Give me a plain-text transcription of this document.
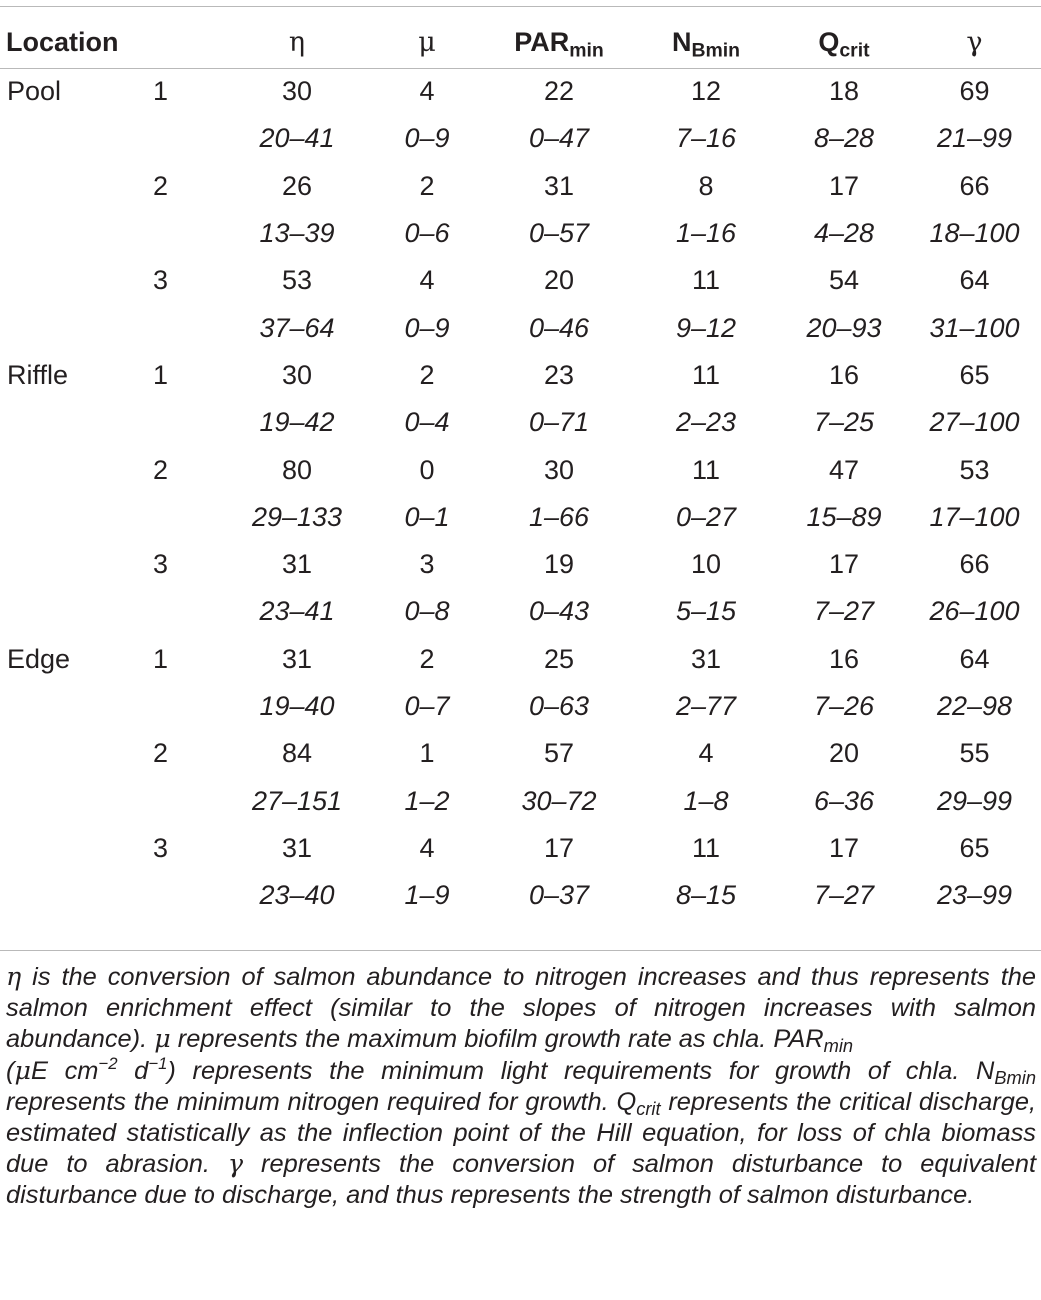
Location		η	μ	$PAR_{min}$	$N_{Bmin}$	$Q_{crit}$	γ
Pool	1	30	4	22	12	18	69
		20–41	0–9	0–47	7–16	8–28	21–99
	2	26	2	31	8	17	66
		13–39	0–6	0–57	1–16	4–28	18–100
	3	53	4	20	11	54	64
		37–64	0–9	0–46	9–12	20–93	31–100
Riffle	1	30	2	23	11	16	65
		19–42	0–4	0–71	2–23	7–25	27–100
	2	80	0	30	11	47	53
		29–133	0–1	1–66	0–27	15–89	17–100
	3	31	3	19	10	17	66
		23–41	0–8	0–43	5–15	7–27	26–100
Edge	1	31	2	25	31	16	64
		19–40	0–7	0–63	2–77	7–26	22–98
	2	84	1	57	4	20	55
		27–151	1–2	30–72	1–8	6–36	29–99
	3	31	4	17	11	17	65
		23–40	1–9	0–37	8–15	7–27	23–99

η is the conversion of salmon abundance to nitrogen increases and thus represents the salmon enrichment effect (similar to the slopes of nitrogen increases with salmon abundance). μ represents the maximum biofilm growth rate as chla. $PAR_{min}$
(μE $cm^{-2}$ $d^{-1}$) represents the minimum light requirements for growth of chla. $N_{Bmin}$ represents the minimum nitrogen required for growth. $Q_{crit}$ represents the critical discharge, estimated statistically as the inflection point of the Hill equation, for loss of chla biomass due to abrasion. γ represents the conversion of salmon disturbance to equivalent disturbance due to discharge, and thus represents the strength of salmon disturbance.
